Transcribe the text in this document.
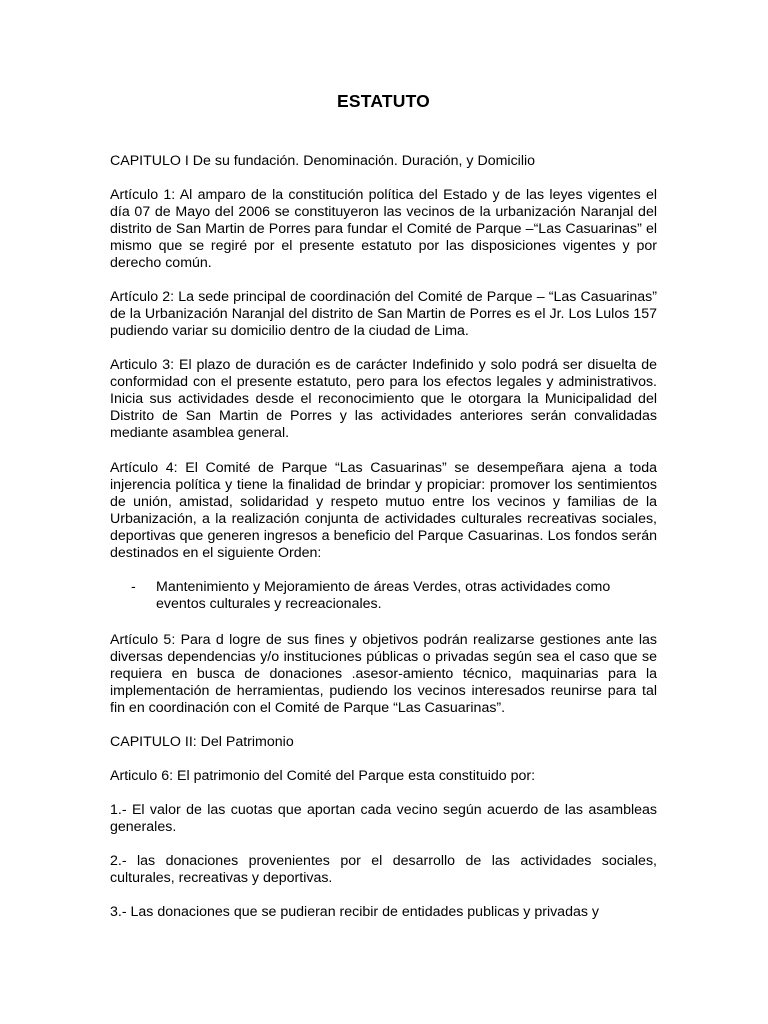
ESTATUTO

CAPITULO I De su fundación. Denominación. Duración, y Domicilio

Artículo 1: Al amparo de la constitución política del Estado y de las leyes vigentes el día 07 de Mayo del 2006 se constituyeron las vecinos de la urbanización Naranjal del distrito de San Martin de Porres para fundar el Comité de Parque –“Las Casuarinas” el mismo que se regiré por el presente estatuto por las disposiciones vigentes y por derecho común.

Artículo 2: La sede principal de coordinación del Comité de Parque – “Las Casuarinas” de la Urbanización Naranjal del distrito de San Martin de Porres es el Jr. Los Lulos 157 pudiendo variar su domicilio dentro de la ciudad de Lima.

Articulo 3: El plazo de duración es de carácter Indefinido y solo podrá ser disuelta de conformidad con el presente estatuto, pero para los efectos legales y administrativos. Inicia sus actividades desde el reconocimiento que le otorgara la Municipalidad del Distrito de San Martin de Porres y las actividades anteriores serán convalidadas mediante asamblea general.

Artículo 4: El Comité de Parque “Las Casuarinas” se desempeñara ajena a toda injerencia política y tiene la finalidad de brindar y propiciar: promover los sentimientos de unión, amistad, solidaridad y respeto mutuo entre los vecinos y familias de la Urbanización, a la realización conjunta de actividades culturales recreativas sociales, deportivas que generen ingresos a beneficio del Parque Casuarinas. Los fondos serán destinados en el siguiente Orden:

- Mantenimiento y Mejoramiento de áreas Verdes, otras actividades como eventos culturales y recreacionales.

Artículo 5: Para d logre de sus fines y objetivos podrán realizarse gestiones ante las diversas dependencias y/o instituciones públicas o privadas según sea el caso que se requiera en busca de donaciones .asesor-amiento técnico, maquinarias para la implementación de herramientas, pudiendo los vecinos interesados reunirse para tal fin en coordinación con el Comité de Parque “Las Casuarinas”.

CAPITULO II: Del Patrimonio

Articulo 6: El patrimonio del Comité del Parque esta constituido por:

1.- El valor de las cuotas que aportan cada vecino según acuerdo de las asambleas generales.

2.- las donaciones provenientes por el desarrollo de las actividades sociales, culturales, recreativas y deportivas.

3.- Las donaciones que se pudieran recibir de entidades publicas y privadas y
